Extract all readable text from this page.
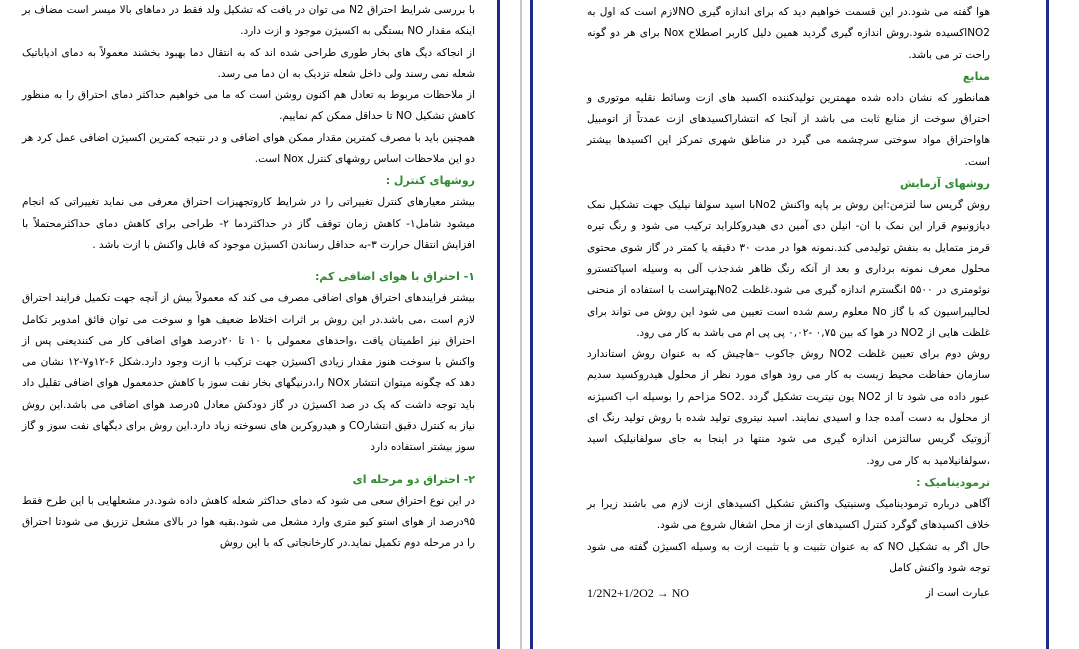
با بررسی شرایط احتراق N2 می توان در یافت که تشکیل ولد فقط در دماهای بالا میسر است مضاف بر اینکه مقدار NO بستگی به اکسیژن موجود و ازت دارد.

از انجاکه دیگ های بخار طوری طراحی شده اند که به انتقال دما بهبود بخشند معمولاً به دمای ادیاباتیک شعله نمی رسند ولی داخل شعله تزدیک به ان دما می رسد.

از ملاحظات مربوط به تعادل هم اکنون روشن است که ما می خواهیم حداکثر دمای احتراق را به منظور کاهش تشکیل NO تا حداقل ممکن کم نماییم.

همچنین باید با مصرف کمترین مقدار ممکن هوای اضافی و در نتیجه کمترین اکسیژن اضافی عمل کرد هر دو این ملاحظات اساس روشهای کنترل Nox است.

روشهای کنترل :

بیشتر معیارهای کنترل تغییراتی را در شرایط کاروتجهیزات احتراق معرفی می نماید تغییراتی که انجام میشود شامل۱- کاهش زمان توقف گاز در حداکثردما ۲- طراحی برای کاهش دمای حداکثرمحتملاً با افزایش انتقال حرارت ۳-به حداقل رساندن اکسیژن موجود که قابل واکنش با ازت باشد .

۱- احتراق با هوای اضافی کم:

بیشتر فرایندهای احتراق هوای اضافی مصرف می کند که معمولاً بیش از آنچه جهت تکمیل فرایند احتراق لازم است ،می باشد.در این روش بر اثرات اختلاط ضعیف هوا و سوخت می توان فائق امدوبر تکامل احتراق نیز اطمینان یافت ،واحدهای معمولی با ۱۰ تا ۲۰درصد هوای اضافی کار می کنندیعنی پس از واکنش با سوخت هنوز مقدار زیادی اکسیژن جهت ترکیب با ازت وجود دارد.شکل ۶-۱۲و۷-۱۲ نشان می دهد که چگونه میتوان انتشار NOx را،درنیگهای بخار نفت سوز با کاهش حدمعمول هوای اضافی تقلیل داد باید توجه داشت که یک در صد اکسیژن در گاز دودکش معادل ۵درصد هوای اضافی می باشد.این روش نیاز به کنترل دقیق انتشارCO و هیدروکربن های نسوخته زیاد دارد.این روش برای دیگهای نفت سوز و گاز سوز بیشتر استفاده دارد

۲- احتراق دو مرحله ای

در این نوع احتراق سعی می شود که دمای حداکثر شعله کاهش داده شود.در مشعلهایی با این طرح فقط ۹۵درصد از هوای استو کیو متری وارد مشعل می شود.بقیه هوا در بالای مشعل تزریق می شودتا احتراق را در مرحله دوم تکمیل نماید.در کارخانجاتی که با این روش

هوا گفته می شود.در این قسمت خواهیم دید که برای اندازه گیری NOلازم است که اول به NO2اکسیده شود.روش اندازه گیری گردید همین دلیل کاربر اصطلاح Nox برای هر دو گونه راحت تر می باشد.

منابع

همانطور که نشان داده شده مهمترین تولیدکننده اکسید های ازت وسائط نقلیه موتوری و احتراق سوخت از منابع ثابت می باشد از آنجا که انتشاراکسیدهای ازت عمدتاً از اتومبیل هاواحتراق مواد سوختی سرچشمه می گیرد در مناطق شهری تمرکز این اکسیدها بیشتر است.

روشهای آزمایش

روش گریس سا لتزمن:این روش بر پایه واکنش No2با اسید سولفا نیلیک جهت تشکیل نمک دیازونیوم قرار این نمک با ان- انیلن دی آمین دی هیدروکلراید ترکیب می شود و رنگ تیره قرمز متمایل به بنفش تولیدمی کند.نمونه هوا در مدت ۳۰ دقیقه یا کمتر در گاز شوی محتوی محلول معرف نمونه برداری و بعد از آنکه رنگ ظاهر شدجذب آلی به وسیله اسپاکتسترو نوئومتری در ۵۵۰۰ انگسترم اندازه گیری می شود.غلظت No2بهتراست با استفاده از منحنی لحالیبراسیون که با گاز No معلوم رسم شده است تعیین می شود این روش می تواند برای غلظت هایی از NO2 در هوا که بین ۰,۷۵ -۰,۰۲ پی پی ام می باشد به کار می رود.

روش دوم برای تعیین غلظت NO2 روش جاکوب –هاچیش که به عنوان روش استاندارد سازمان حفاظت محیط زیست به کار می رود هوای مورد نظر از محلول هیدروکسید سدیم عبور داده می شود تا از NO2 یون نیتریت تشکیل گردد .SO2 مزاحم را بوسیله اب اکسیژنه از محلول به دست آمده جدا و اسیدی نمایند. اسید نیتروی تولید شده با روش تولید رنگ ای آزوتیک گریس سالتزمن اندازه گیری می شود منتها در اینجا به جای سولفانیلیک اسید ،سولفانیلامید به کار می رود.

ترمودینامیک :

آگاهی درباره ترمودینامیک وسنیتیک واکنش تشکیل اکسیدهای ازت لازم می باشند زیرا بر خلاف اکسیدهای گوگرد کنترل اکسیدهای ازت از محل اشغال شروع می شود.

حال اگر به تشکیل NO که به عنوان تثبیت و یا تثبیت ازت به وسیله اکسیژن گفته می شود توجه شود واکنش کامل

1/2N2+1/2O2 → NO	عبارت است از
